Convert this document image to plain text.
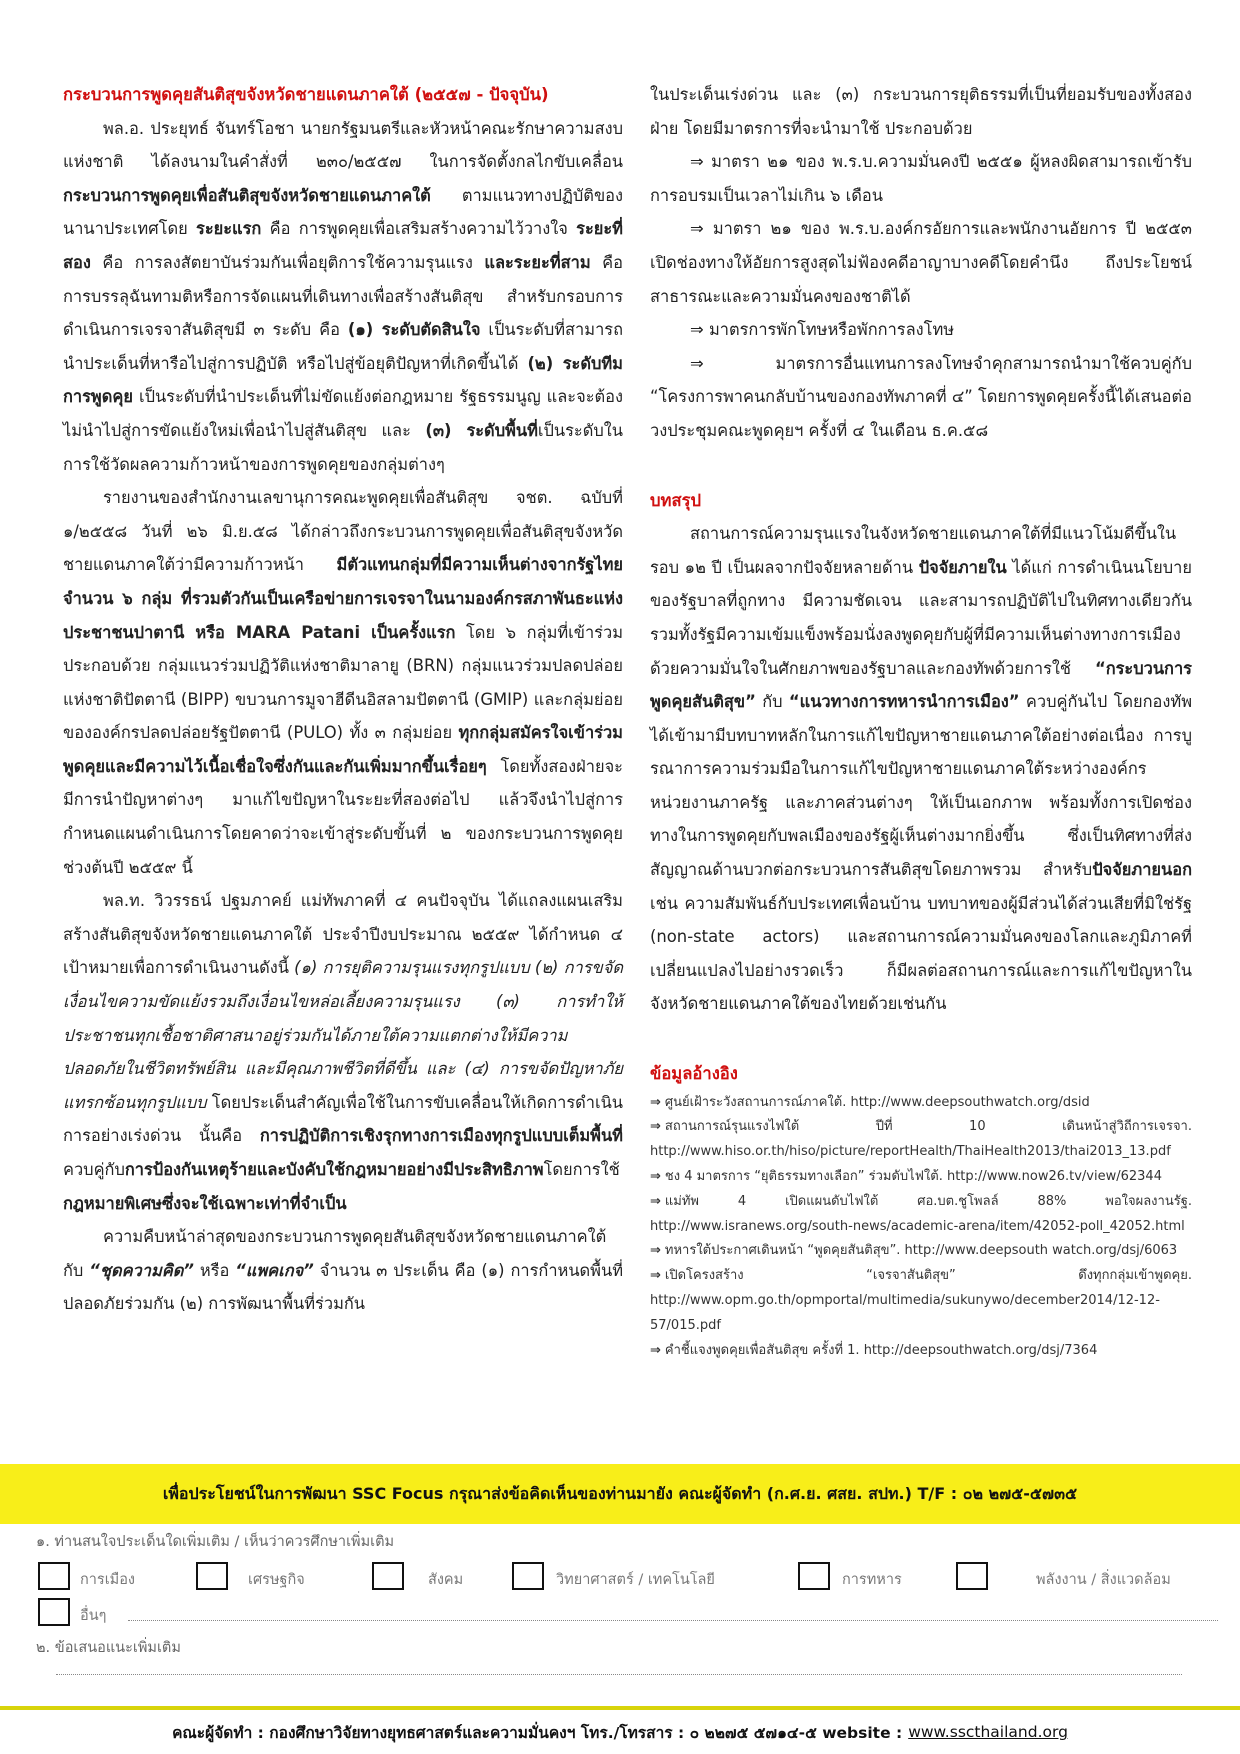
กระบวนการพูดคุยสันติสุขจังหวัดชายแดนภาคใต้ (๒๕๕๗ - ปัจจุบัน)

พล.อ. ประยุทธ์ จันทร์โอชา นายกรัฐมนตรีและหัวหน้าคณะรักษาความสงบแห่งชาติ ได้ลงนามในคำสั่งที่ ๒๓๐/๒๕๕๗ ในการจัดตั้งกลไกขับเคลื่อนกระบวนการพูดคุยเพื่อสันติสุขจังหวัดชายแดนภาคใต้ ตามแนวทางปฏิบัติของนานาประเทศโดย ระยะแรก คือ การพูดคุยเพื่อเสริมสร้างความไว้วางใจ ระยะที่สอง คือ การลงสัตยาบันร่วมกันเพื่อยุติการใช้ความรุนแรง และระยะที่สาม คือ การบรรลุฉันทามติหรือการจัดแผนที่เดินทางเพื่อสร้างสันติสุข สำหรับกรอบการดำเนินการเจรจาสันติสุขมี ๓ ระดับ คือ (๑) ระดับตัดสินใจ เป็นระดับที่สามารถนำประเด็นที่หารือไปสู่การปฏิบัติ หรือไปสู่ข้อยุติปัญหาที่เกิดขึ้นได้ (๒) ระดับทีมการพูดคุย เป็นระดับที่นำประเด็นที่ไม่ขัดแย้งต่อกฎหมาย รัฐธรรมนูญ และจะต้องไม่นำไปสู่การขัดแย้งใหม่เพื่อนำไปสู่สันติสุข และ (๓) ระดับพื้นที่เป็นระดับในการใช้วัดผลความก้าวหน้าของการพูดคุยของกลุ่มต่างๆ

รายงานของสำนักงานเลขานุการคณะพูดคุยเพื่อสันติสุข จชต. ฉบับที่ ๑/๒๕๕๘ วันที่ ๒๖ มิ.ย.๕๘ ได้กล่าวถึงกระบวนการพูดคุยเพื่อสันติสุขจังหวัดชายแดนภาคใต้ว่ามีความก้าวหน้า มีตัวแทนกลุ่มที่มีความเห็นต่างจากรัฐไทยจำนวน ๖ กลุ่ม ที่รวมตัวกันเป็นเครือข่ายการเจรจาในนามองค์กรสภาพันธะแห่งประชาชนปาตานี หรือ MARA Patani เป็นครั้งแรก โดย ๖ กลุ่มที่เข้าร่วม ประกอบด้วย กลุ่มแนวร่วมปฏิวัติแห่งชาติมาลายู (BRN) กลุ่มแนวร่วมปลดปล่อยแห่งชาติปัตตานี (BIPP) ขบวนการมูจาฮีดีนอิสลามปัตตานี (GMIP) และกลุ่มย่อยขององค์กรปลดปล่อยรัฐปัตตานี (PULO) ทั้ง ๓ กลุ่มย่อย ทุกกลุ่มสมัครใจเข้าร่วมพูดคุยและมีความไว้เนื้อเชื่อใจซึ่งกันและกันเพิ่มมากขึ้นเรื่อยๆ โดยทั้งสองฝ่ายจะมีการนำปัญหาต่างๆ มาแก้ไขปัญหาในระยะที่สองต่อไป แล้วจึงนำไปสู่การกำหนดแผนดำเนินการโดยคาดว่าจะเข้าสู่ระดับขั้นที่ ๒ ของกระบวนการพูดคุยช่วงต้นปี ๒๕๕๙ นี้

พล.ท. วิวรรธน์ ปฐมภาคย์ แม่ทัพภาคที่ ๔ คนปัจจุบัน ได้แถลงแผนเสริมสร้างสันติสุขจังหวัดชายแดนภาคใต้ ประจำปีงบประมาณ ๒๕๕๙ ได้กำหนด ๔ เป้าหมายเพื่อการดำเนินงานดังนี้ (๑) การยุติความรุนแรงทุกรูปแบบ (๒) การขจัดเงื่อนไขความขัดแย้งรวมถึงเงื่อนไขหล่อเลี้ยงความรุนแรง (๓) การทำให้ประชาชนทุกเชื้อชาติศาสนาอยู่ร่วมกันได้ภายใต้ความแตกต่างให้มีความปลอดภัยในชีวิตทรัพย์สิน และมีคุณภาพชีวิตที่ดีขึ้น และ (๔) การขจัดปัญหาภัยแทรกซ้อนทุกรูปแบบ โดยประเด็นสำคัญเพื่อใช้ในการขับเคลื่อนให้เกิดการดำเนินการอย่างเร่งด่วน นั้นคือ การปฏิบัติการเชิงรุกทางการเมืองทุกรูปแบบเต็มพื้นที่ควบคู่กับการป้องกันเหตุร้ายและบังคับใช้กฎหมายอย่างมีประสิทธิภาพโดยการใช้กฎหมายพิเศษซึ่งจะใช้เฉพาะเท่าที่จำเป็น

ความคืบหน้าล่าสุดของกระบวนการพูดคุยสันติสุขจังหวัดชายแดนภาคใต้กับ “ชุดความคิด” หรือ “แพคเกจ” จำนวน ๓ ประเด็น คือ (๑) การกำหนดพื้นที่ปลอดภัยร่วมกัน (๒) การพัฒนาพื้นที่ร่วมกัน

ในประเด็นเร่งด่วน และ (๓) กระบวนการยุติธรรมที่เป็นที่ยอมรับของทั้งสองฝ่าย โดยมีมาตรการที่จะนำมาใช้ ประกอบด้วย

⇒ มาตรา ๒๑ ของ พ.ร.บ.ความมั่นคงปี ๒๕๕๑ ผู้หลงผิดสามารถเข้ารับการอบรมเป็นเวลาไม่เกิน ๖ เดือน

⇒ มาตรา ๒๑ ของ พ.ร.บ.องค์กรอัยการและพนักงานอัยการ ปี ๒๕๕๓ เปิดช่องทางให้อัยการสูงสุดไม่ฟ้องคดีอาญาบางคดีโดยคำนึง ถึงประโยชน์สาธารณะและความมั่นคงของชาติได้

⇒ มาตรการพักโทษหรือพักการลงโทษ

⇒	มาตรการอื่นแทนการลงโทษจำคุกสามารถนำมาใช้ควบคู่กับ “โครงการพาคนกลับบ้านของกองทัพภาคที่ ๔” โดยการพูดคุยครั้งนี้ได้เสนอต่อวงประชุมคณะพูดคุยฯ ครั้งที่ ๔ ในเดือน ธ.ค.๕๘

บทสรุป

สถานการณ์ความรุนแรงในจังหวัดชายแดนภาคใต้ที่มีแนวโน้มดีขึ้นในรอบ ๑๒ ปี เป็นผลจากปัจจัยหลายด้าน ปัจจัยภายใน ได้แก่ การดำเนินนโยบายของรัฐบาลที่ถูกทาง มีความชัดเจน และสามารถปฏิบัติไปในทิศทางเดียวกัน รวมทั้งรัฐมีความเข้มแข็งพร้อมนั่งลงพูดคุยกับผู้ที่มีความเห็นต่างทางการเมืองด้วยความมั่นใจในศักยภาพของรัฐบาลและกองทัพด้วยการใช้ “กระบวนการพูดคุยสันติสุข” กับ “แนวทางการทหารนำการเมือง” ควบคู่กันไป โดยกองทัพได้เข้ามามีบทบาทหลักในการแก้ไขปัญหาชายแดนภาคใต้อย่างต่อเนื่อง การบูรณาการความร่วมมือในการแก้ไขปัญหาชายแดนภาคใต้ระหว่างองค์กร หน่วยงานภาครัฐ และภาคส่วนต่างๆ ให้เป็นเอกภาพ พร้อมทั้งการเปิดช่องทางในการพูดคุยกับพลเมืองของรัฐผู้เห็นต่างมากยิ่งขึ้น ซึ่งเป็นทิศทางที่ส่งสัญญาณด้านบวกต่อกระบวนการสันติสุขโดยภาพรวม สำหรับปัจจัยภายนอก เช่น ความสัมพันธ์กับประเทศเพื่อนบ้าน บทบาทของผู้มีส่วนได้ส่วนเสียที่มิใช่รัฐ (non-state actors) และสถานการณ์ความมั่นคงของโลกและภูมิภาคที่เปลี่ยนแปลงไปอย่างรวดเร็ว ก็มีผลต่อสถานการณ์และการแก้ไขปัญหาในจังหวัดชายแดนภาคใต้ของไทยด้วยเช่นกัน

ข้อมูลอ้างอิง

⇒ ศูนย์เฝ้าระวังสถานการณ์ภาคใต้. http://www.deepsouthwatch.org/dsid

⇒ สถานการณ์รุนแรงไฟใต้ ปีที่ 10 เดินหน้าสู่วิถีการเจรจา. http://www.hiso.or.th/hiso/picture/reportHealth/ThaiHealth2013/thai2013_13.pdf

⇒ ชง 4 มาตรการ “ยุติธรรมทางเลือก” ร่วมดับไฟใต้. http://www.now26.tv/view/62344

⇒ แม่ทัพ 4 เปิดแผนดับไฟใต้ ศอ.บต.ชูโพลล์ 88% พอใจผลงานรัฐ. http://www.isranews.org/south-news/academic-arena/item/42052-poll_42052.html

⇒ ทหารใต้ประกาศเดินหน้า “พูดคุยสันติสุข”. http://www.deepsouth watch.org/dsj/6063

⇒ เปิดโครงสร้าง “เจรจาสันติสุข” ดึงทุกกลุ่มเข้าพูดคุย. http://www.opm.go.th/opmportal/multimedia/sukunywo/december2014/12-12-57/015.pdf

⇒ คำชี้แจงพูดคุยเพื่อสันติสุข ครั้งที่ 1. http://deepsouthwatch.org/dsj/7364

เพื่อประโยชน์ในการพัฒนา SSC Focus กรุณาส่งข้อคิดเห็นของท่านมายัง คณะผู้จัดทำ (ก.ศ.ย. ศสย. สปท.) T/F : ๐๒ ๒๗๕-๕๗๓๕
๑. ท่านสนใจประเด็นใดเพิ่มเติม / เห็นว่าควรศึกษาเพิ่มเติม
การเมือง	เศรษฐกิจ	สังคม	วิทยาศาสตร์ / เทคโนโลยี	การทหาร	พลังงาน / สิ่งแวดล้อม
อื่นๆ
๒. ข้อเสนอแนะเพิ่มเติม
คณะผู้จัดทำ : กองศึกษาวิจัยทางยุทธศาสตร์และความมั่นคงฯ โทร./โทรสาร : ๐ ๒๒๗๕ ๕๗๑๔-๕ website : www.sscthailand.org
